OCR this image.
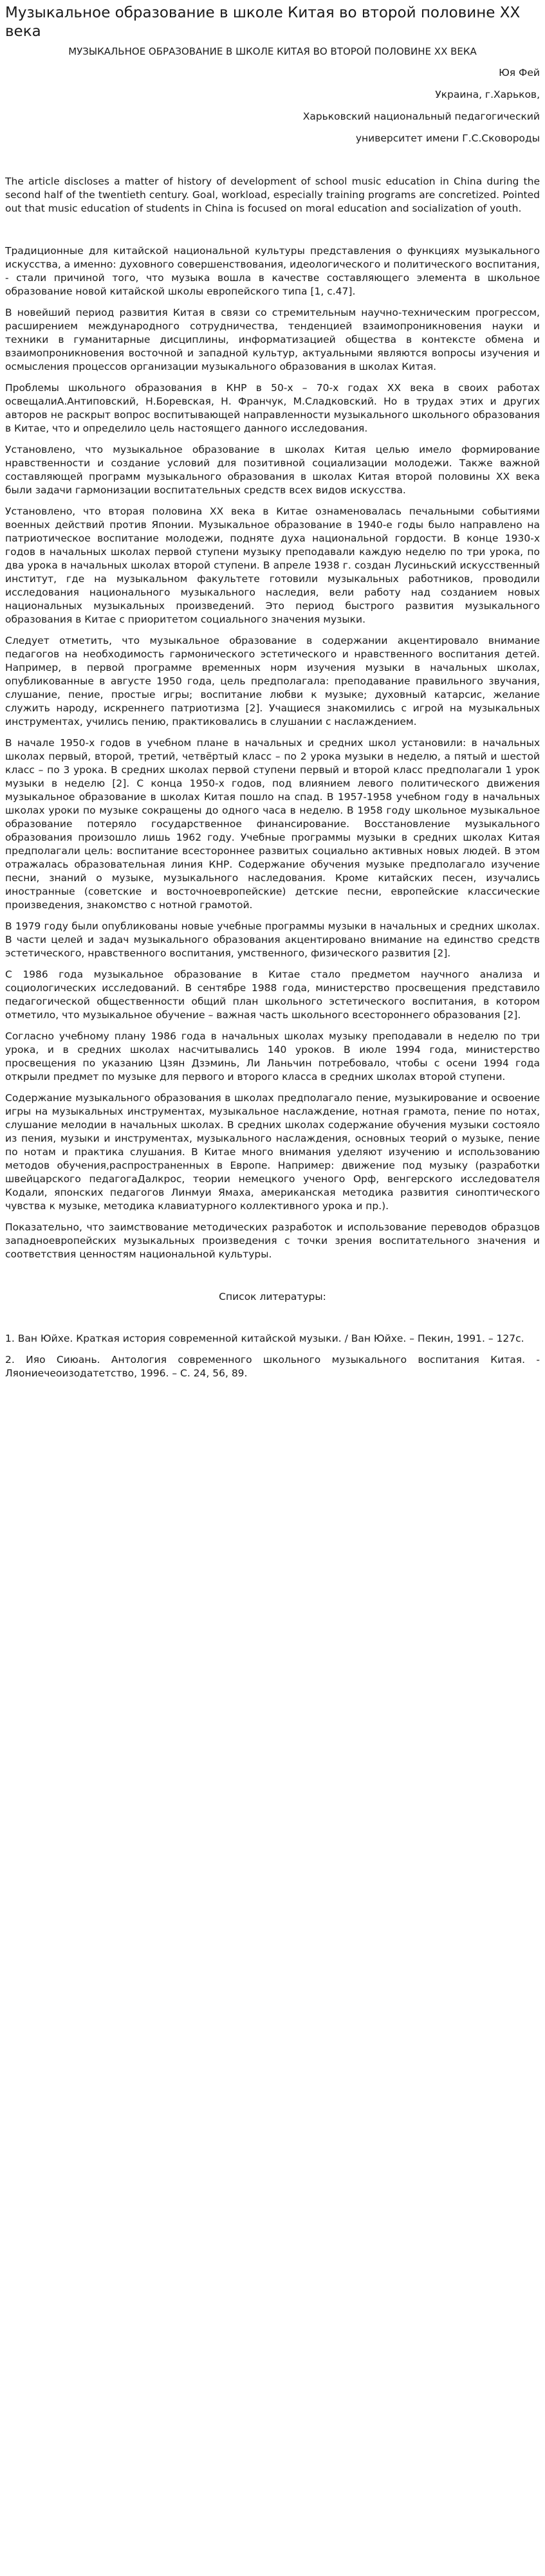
Музыкальное образование в школе Китая во второй половине XX века
МУЗЫКАЛЬНОЕ ОБРАЗОВАНИЕ В ШКОЛЕ КИТАЯ ВО ВТОРОЙ ПОЛОВИНЕ XX ВЕКА
Юя Фей
Украина, г.Харьков,
Харьковский национальный педагогический
университет имени Г.С.Сковороды

The article discloses a matter of history of development of school music education in China during the second half of the twentieth century. Goal, workload, especially training programs are concretized. Pointed out that music education of students in China is focused on moral education and socialization of youth.

Традиционные для китайской национальной культуры представления о функциях музыкального искусства, а именно: духовного совершенствования, идеологического и политического воспитания, - стали причиной того, что музыка вошла в качестве составляющего элемента в школьное образование новой китайской школы европейского типа [1, с.47].

В новейший период развития Китая в связи со стремительным научно-техническим прогрессом, расширением международного сотрудничества, тенденцией взаимопроникновения науки и техники в гуманитарные дисциплины, информатизацией общества в контексте обмена и взаимопроникновения восточной и западной культур, актуальными являются вопросы изучения и осмысления процессов организации музыкального образования в школах Китая.

Проблемы школьного образования в КНР в 50-х – 70-х годах XX века в своих работах освещалиА.Антиповский, Н.Боревская, Н. Франчук, М.Сладковский. Но в трудах этих и других авторов не раскрыт вопрос воспитывающей направленности музыкального школьного образования в Китае, что и определило цель настоящего данного исследования.

Установлено, что музыкальное образование в школах Китая целью имело формирование нравственности и создание условий для позитивной социализации молодежи. Также важной составляющей программ музыкального образования в школах Китая второй половины XX века были задачи гармонизации воспитательных средств всех видов искусства.

Установлено, что вторая половина XX века в Китае ознаменовалась печальными событиями военных действий против Японии. Музыкальное образование в 1940-е годы было направлено на патриотическое воспитание молодежи, подняте духа национальной гордости. В конце 1930-х годов в начальных школах первой ступени музыку преподавали каждую неделю по три урока, по два урока в начальных школах второй ступени. В апреле 1938 г. создан Лусиньский искусственный институт, где на музыкальном факультете готовили музыкальных работников, проводили исследования национального музыкального наследия, вели работу над созданием новых национальных музыкальных произведений. Это период быстрого развития музыкального образования в Китае с приоритетом социального значения музыки.

Следует отметить, что музыкальное образование в содержании акцентировало внимание педагогов на необходимость гармонического эстетического и нравственного воспитания детей. Например, в первой программе временных норм изучения музыки в начальных школах, опубликованные в августе 1950 года, цель предполагала: преподавание правильного звучания, слушание, пение, простые игры; воспитание любви к музыке; духовный катарсис, желание служить народу, искреннего патриотизма [2]. Учащиеся знакомились с игрой на музыкальных инструментах, учились пению, практиковались в слушании с наслаждением.

В начале 1950-х годов в учебном плане в начальных и средних школ установили: в начальных школах первый, второй, третий, четвёртый класс – по 2 урока музыки в неделю, а пятый и шестой класс – по 3 урока. В средних школах первой ступени первый и второй класс предполагали 1 урок музыки в неделю [2]. С конца 1950-х годов, под влиянием левого политического движения музыкальное образование в школах Китая пошло на спад. В 1957-1958 учебном году в начальных школах уроки по музыке сокращены до одного часа в неделю. В 1958 году школьное музыкальное образование потеряло государственное финансирование. Восстановление музыкального образования произошло лишь 1962 году. Учебные программы музыки в средних школах Китая предполагали цель: воспитание всестороннее развитых социально активных новых людей. В этом отражалась образовательная линия КНР. Содержание обучения музыке предполагало изучение песни, знаний о музыке, музыкального наследования. Кроме китайских песен, изучались иностранные (советские и восточноевропейские) детские песни, европейские классические произведения, знакомство с нотной грамотой.

В 1979 году были опубликованы новые учебные программы музыки в начальных и средних школах. В части целей и задач музыкального образования акцентировано внимание на единство средств эстетического, нравственного воспитания, умственного, физического развития [2].

С 1986 года музыкальное образование в Китае стало предметом научного анализа и социологических исследований. В сентябре 1988 года, министерство просвещения представило педагогической общественности общий план школьного эстетического воспитания, в котором отметило, что музыкальное обучение – важная часть школьного всестороннего образования [2].

Согласно учебному плану 1986 года в начальных школах музыку преподавали в неделю по три урока, и в средних школах насчитывались 140 уроков. В июле 1994 года, министерство просвещения по указанию Цзян Дзэминь, Ли Ланьчин потребовало, чтобы с осени 1994 года открыли предмет по музыке для первого и второго класса в средних школах второй ступени.

Содержание музыкального образования в школах предполагало пение, музыкирование и освоение игры на музыкальных инструментах, музыкальное наслаждение, нотная грамота, пение по нотах, слушание мелодии в начальных школах. В средних школах содержание обучения музыки состояло из пения, музыки и инструментах, музыкального наслаждения, основных теорий о музыке, пение по нотам и практика слушания. В Китае много внимания уделяют изучению и использованию методов обучения,распространенных в Европе. Например: движение под музыку (разработки швейцарского педагогаДалкрос, теории немецкого ученого Орф, венгерского исследователя Кодали, японских педагогов Линмуи Ямаха, американская методика развития синоптического чувства к музыке, методика клавиатурного коллективного урока и пр.).

Показательно, что заимствование методических разработок и использование переводов образцов западноевропейских музыкальных произведения с точки зрения воспитательного значения и соответствия ценностям национальной культуры.

Список литературы:

1. Ван Юйхе. Краткая история современной китайской музыки. / Ван Юйхе. – Пекин, 1991. – 127с.

2. Ияо Сиюань. Антология современного школьного музыкального воспитания Китая. - Ляониечеоизодатетство, 1996. – С. 24, 56, 89.
